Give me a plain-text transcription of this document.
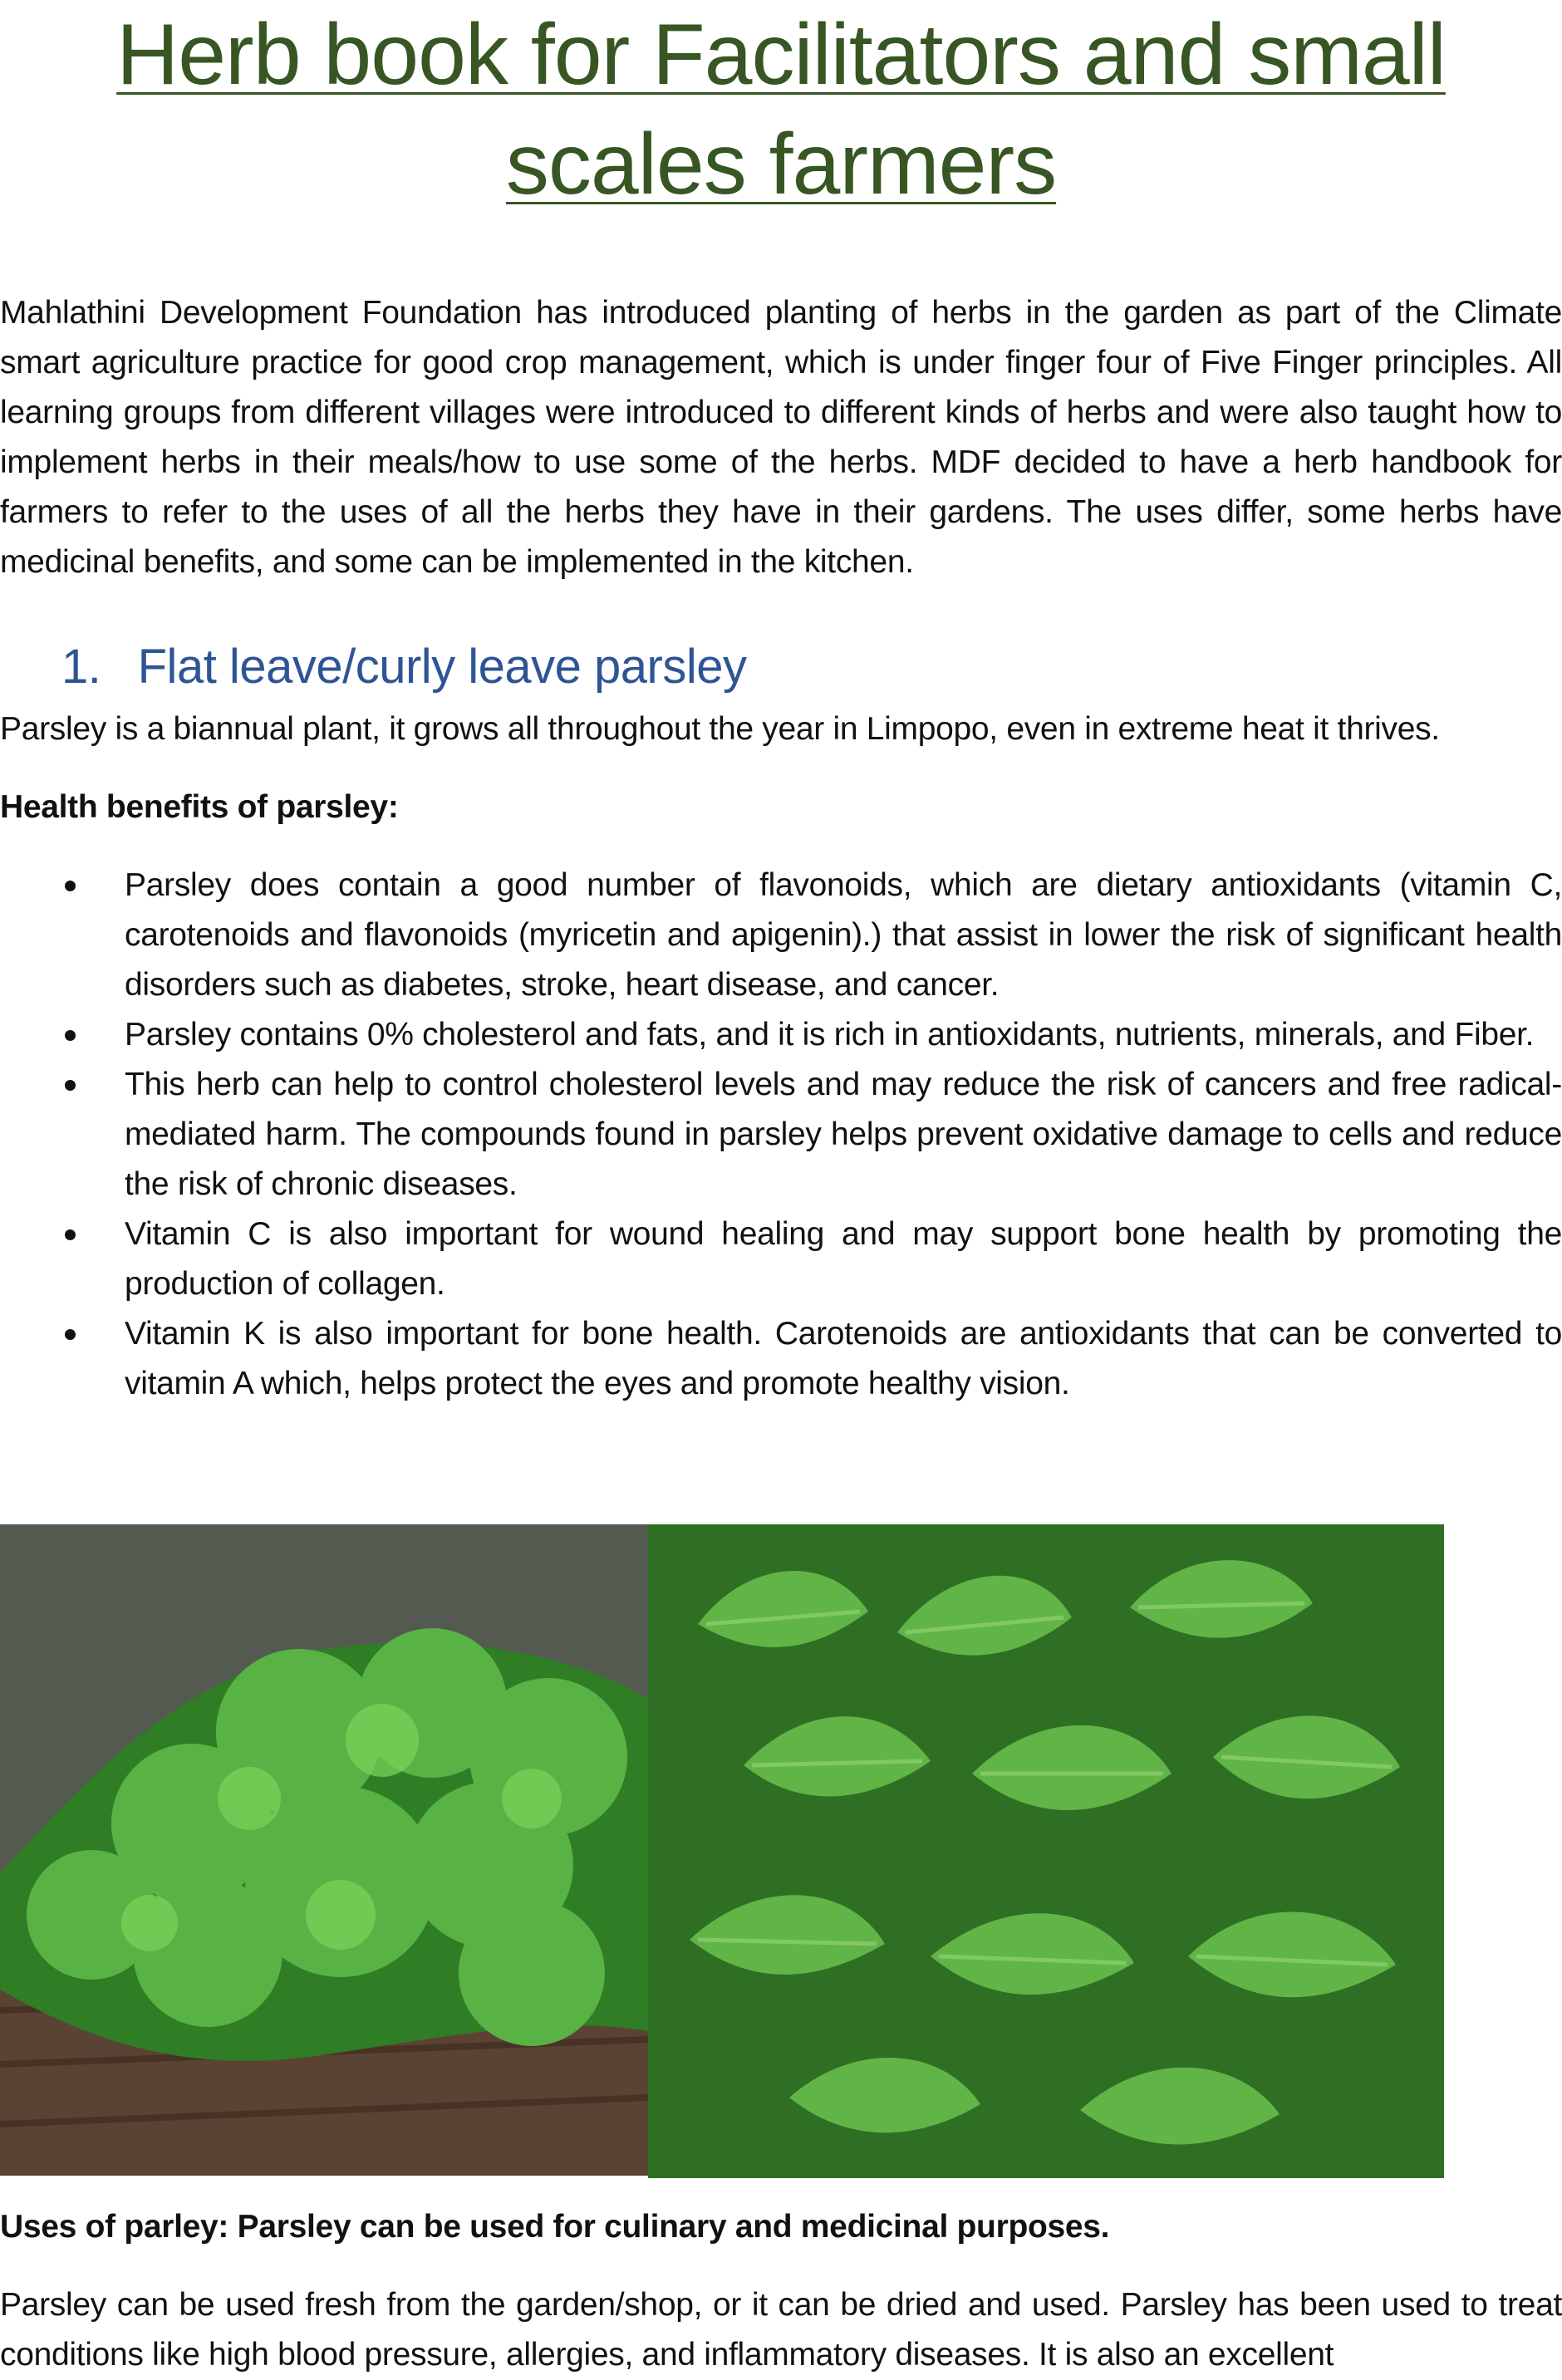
Herb book for Facilitators and small scales farmers

Mahlathini Development Foundation has introduced planting of herbs in the garden as part of the Climate smart agriculture practice for good crop management, which is under finger four of Five Finger principles. All learning groups from different villages were introduced to different kinds of herbs and were also taught how to implement herbs in their meals/how to use some of the herbs. MDF decided to have a herb handbook for farmers to refer to the uses of all the herbs they have in their gardens. The uses differ, some herbs have medicinal benefits, and some can be implemented in the kitchen.

1. Flat leave/curly leave parsley

Parsley is a biannual plant, it grows all throughout the year in Limpopo, even in extreme heat it thrives.

Health benefits of parsley:

Parsley does contain a good number of flavonoids, which are dietary antioxidants (vitamin C, carotenoids and flavonoids (myricetin and apigenin).) that assist in lower the risk of significant health disorders such as diabetes, stroke, heart disease, and cancer.
Parsley contains 0% cholesterol and fats, and it is rich in antioxidants, nutrients, minerals, and Fiber.
This herb can help to control cholesterol levels and may reduce the risk of cancers and free radical-mediated harm. The compounds found in parsley helps prevent oxidative damage to cells and reduce the risk of chronic diseases.
Vitamin C is also important for wound healing and may support bone health by promoting the production of collagen.
Vitamin K is also important for bone health. Carotenoids are antioxidants that can be converted to vitamin A which, helps protect the eyes and promote healthy vision.

Uses of parley: Parsley can be used for culinary and medicinal purposes.

Parsley can be used fresh from the garden/shop, or it can be dried and used. Parsley has been used to treat conditions like high blood pressure, allergies, and inflammatory diseases. It is also an excellent
